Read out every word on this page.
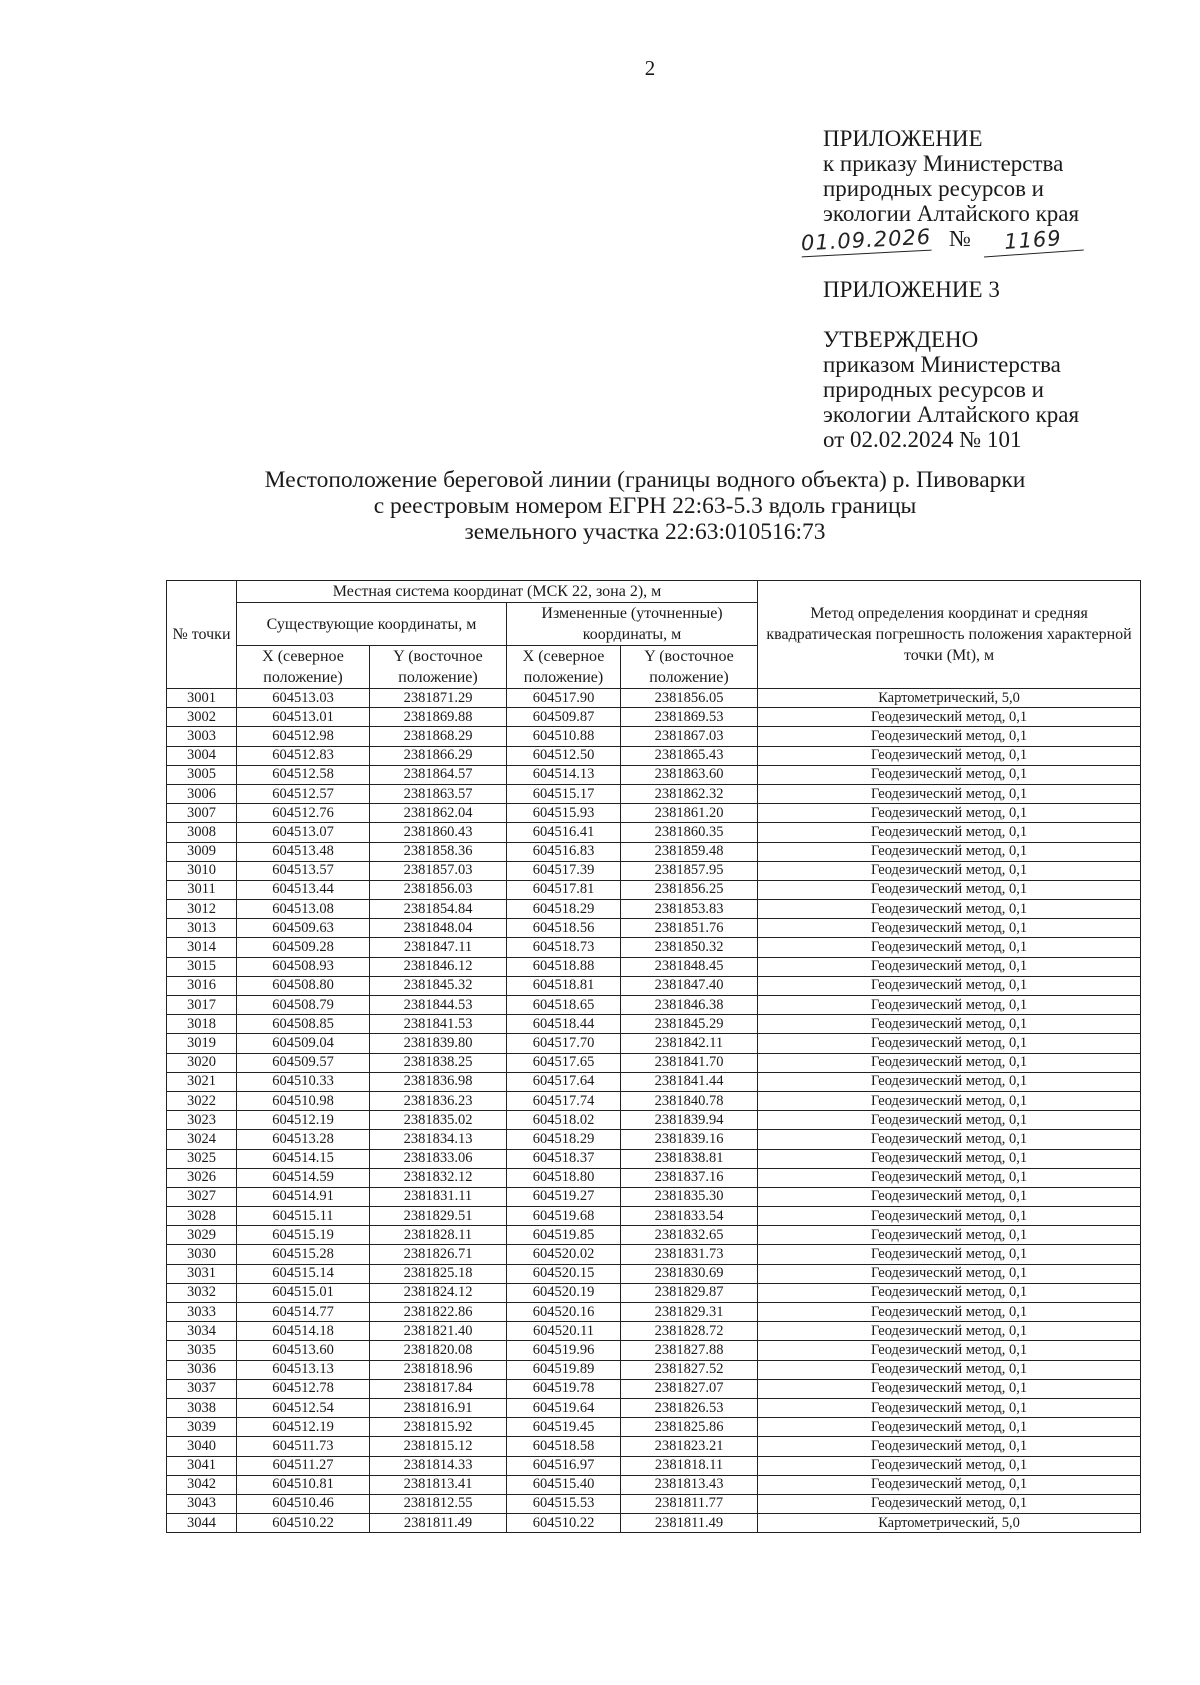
2
ПРИЛОЖЕНИЕ
к приказу Министерства
природных ресурсов и
экологии Алтайского края
01.09.2026 №	1169
ПРИЛОЖЕНИЕ 3
УТВЕРЖДЕНО
приказом Министерства
природных ресурсов и
экологии Алтайского края
от 02.02.2024 № 101
Местоположение береговой линии (границы водного объекта) р. Пивоварки
с реестровым номером ЕГРН 22:63-5.3 вдоль границы
земельного участка 22:63:010516:73
№ точки	Местная система координат (МСК 22, зона 2), м				Метод определения координат и средняя квадратическая погрешность положения характерной точки (Mt), м
	Существующие координаты, м		Измененные (уточненные) координаты, м		
	X (северное положение)	Y (восточное положение)	X (северное положение)	Y (восточное положение)	
3001	604513.03	2381871.29	604517.90	2381856.05	Картометрический, 5,0
3002	604513.01	2381869.88	604509.87	2381869.53	Геодезический метод, 0,1
3003	604512.98	2381868.29	604510.88	2381867.03	Геодезический метод, 0,1
3004	604512.83	2381866.29	604512.50	2381865.43	Геодезический метод, 0,1
3005	604512.58	2381864.57	604514.13	2381863.60	Геодезический метод, 0,1
3006	604512.57	2381863.57	604515.17	2381862.32	Геодезический метод, 0,1
3007	604512.76	2381862.04	604515.93	2381861.20	Геодезический метод, 0,1
3008	604513.07	2381860.43	604516.41	2381860.35	Геодезический метод, 0,1
3009	604513.48	2381858.36	604516.83	2381859.48	Геодезический метод, 0,1
3010	604513.57	2381857.03	604517.39	2381857.95	Геодезический метод, 0,1
3011	604513.44	2381856.03	604517.81	2381856.25	Геодезический метод, 0,1
3012	604513.08	2381854.84	604518.29	2381853.83	Геодезический метод, 0,1
3013	604509.63	2381848.04	604518.56	2381851.76	Геодезический метод, 0,1
3014	604509.28	2381847.11	604518.73	2381850.32	Геодезический метод, 0,1
3015	604508.93	2381846.12	604518.88	2381848.45	Геодезический метод, 0,1
3016	604508.80	2381845.32	604518.81	2381847.40	Геодезический метод, 0,1
3017	604508.79	2381844.53	604518.65	2381846.38	Геодезический метод, 0,1
3018	604508.85	2381841.53	604518.44	2381845.29	Геодезический метод, 0,1
3019	604509.04	2381839.80	604517.70	2381842.11	Геодезический метод, 0,1
3020	604509.57	2381838.25	604517.65	2381841.70	Геодезический метод, 0,1
3021	604510.33	2381836.98	604517.64	2381841.44	Геодезический метод, 0,1
3022	604510.98	2381836.23	604517.74	2381840.78	Геодезический метод, 0,1
3023	604512.19	2381835.02	604518.02	2381839.94	Геодезический метод, 0,1
3024	604513.28	2381834.13	604518.29	2381839.16	Геодезический метод, 0,1
3025	604514.15	2381833.06	604518.37	2381838.81	Геодезический метод, 0,1
3026	604514.59	2381832.12	604518.80	2381837.16	Геодезический метод, 0,1
3027	604514.91	2381831.11	604519.27	2381835.30	Геодезический метод, 0,1
3028	604515.11	2381829.51	604519.68	2381833.54	Геодезический метод, 0,1
3029	604515.19	2381828.11	604519.85	2381832.65	Геодезический метод, 0,1
3030	604515.28	2381826.71	604520.02	2381831.73	Геодезический метод, 0,1
3031	604515.14	2381825.18	604520.15	2381830.69	Геодезический метод, 0,1
3032	604515.01	2381824.12	604520.19	2381829.87	Геодезический метод, 0,1
3033	604514.77	2381822.86	604520.16	2381829.31	Геодезический метод, 0,1
3034	604514.18	2381821.40	604520.11	2381828.72	Геодезический метод, 0,1
3035	604513.60	2381820.08	604519.96	2381827.88	Геодезический метод, 0,1
3036	604513.13	2381818.96	604519.89	2381827.52	Геодезический метод, 0,1
3037	604512.78	2381817.84	604519.78	2381827.07	Геодезический метод, 0,1
3038	604512.54	2381816.91	604519.64	2381826.53	Геодезический метод, 0,1
3039	604512.19	2381815.92	604519.45	2381825.86	Геодезический метод, 0,1
3040	604511.73	2381815.12	604518.58	2381823.21	Геодезический метод, 0,1
3041	604511.27	2381814.33	604516.97	2381818.11	Геодезический метод, 0,1
3042	604510.81	2381813.41	604515.40	2381813.43	Геодезический метод, 0,1
3043	604510.46	2381812.55	604515.53	2381811.77	Геодезический метод, 0,1
3044	604510.22	2381811.49	604510.22	2381811.49	Картометрический, 5,0
